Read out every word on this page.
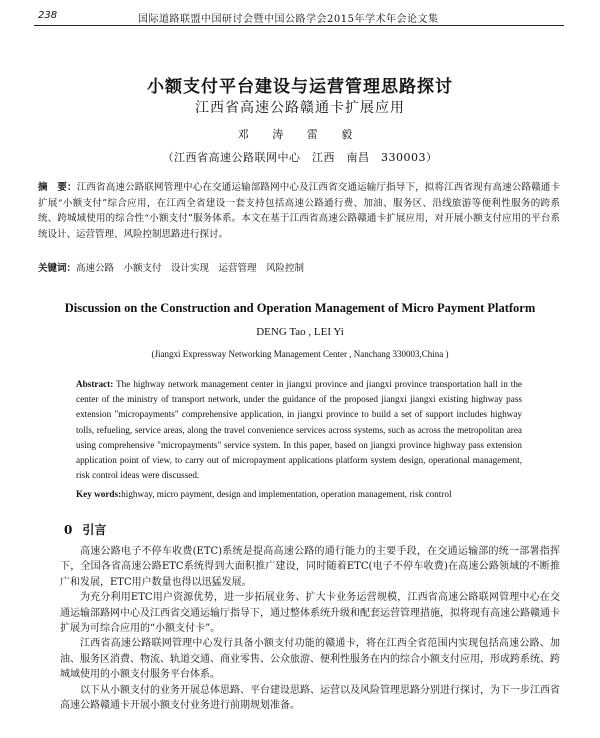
238	国际道路联盟中国研讨会暨中国公路学会2015年学术年会论文集
小额支付平台建设与运营管理思路探讨
江西省高速公路赣通卡扩展应用
邓 涛 雷 毅
（江西省高速公路联网中心　江西　南昌　330003）
摘　要：江西省高速公路联网管理中心在交通运输部路网中心及江西省交通运输厅指导下，拟将江西省现有高速公路赣通卡扩展“小额支付”综合应用，在江西全省建设一套支持包括高速公路通行费、加油、服务区、沿线旅游等便利性服务的跨系统、跨城域使用的综合性“小额支付”服务体系。本文在基于江西省高速公路赣通卡扩展应用，对开展小额支付应用的平台系统设计、运营管理、风险控制思路进行探讨。
关键词：高速公路　小额支付　设计实现　运营管理　风险控制
Discussion on the Construction and Operation Management of Micro Payment Platform
DENG Tao , LEI Yi
(Jiangxi Expressway Networking Management Center , Nanchang 330003,China )
Abstract: The highway network management center in jiangxi province and jiangxi province transportation hall in the center of the ministry of transport network, under the guidance of the proposed jiangxi jiangxi existing highway pass extension "micropayments" comprehensive application, in jiangxi province to build a set of support includes highway tolls, refueling, service areas, along the travel convenience services across systems, such as across the metropolitan area using comprehensive "micropayments" service system. In this paper, based on jiangxi province highway pass extension application point of view, to carry out of micropayment applications platform system design, operational management, risk control ideas were discussed.
Key words:highway, micro payment, design and implementation, operation management, risk control
0 引言

高速公路电子不停车收费(ETC)系统是提高高速公路的通行能力的主要手段，在交通运输部的统一部署指挥下，全国各省高速公路ETC系统得到大面积推广建设，同时随着ETC(电子不停车收费)在高速公路领域的不断推广和发展，ETC用户数量也得以迅猛发展。

为充分利用ETC用户资源优势，进一步拓展业务、扩大卡业务运营规模，江西省高速公路联网管理中心在交通运输部路网中心及江西省交通运输厅指导下，通过整体系统升级和配套运营管理措施，拟将现有高速公路赣通卡扩展为可综合应用的“小额支付卡”。

江西省高速公路联网管理中心发行具备小额支付功能的赣通卡，将在江西全省范围内实现包括高速公路、加油、服务区消费、物流、轨道交通、商业零售、公众旅游、便利性服务在内的综合小额支付应用，形成跨系统、跨城域使用的小额支付服务平台体系。

以下从小额支付的业务开展总体思路、平台建设思路、运营以及风险管理思路分别进行探讨，为下一步江西省高速公路赣通卡开展小额支付业务进行前期规划准备。
